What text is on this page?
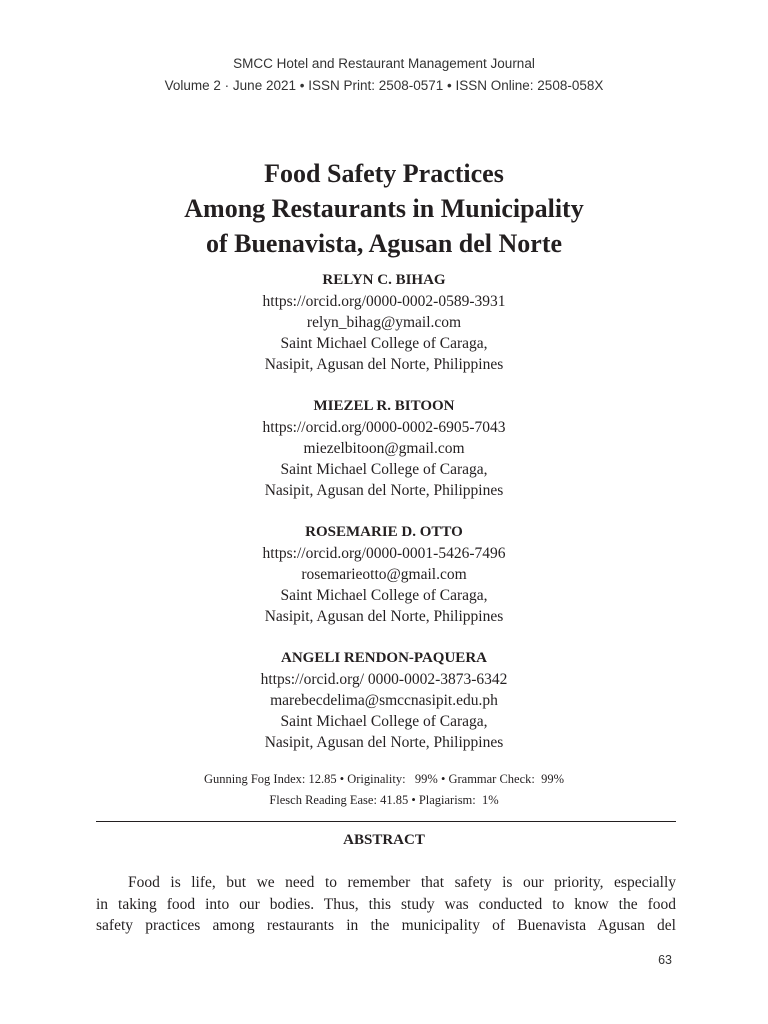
SMCC Hotel and Restaurant Management Journal
Volume 2 · June 2021 • ISSN Print: 2508-0571 • ISSN Online: 2508-058X
Food Safety Practices
Among Restaurants in Municipality
of Buenavista, Agusan del Norte
RELYN C. BIHAG
https://orcid.org/0000-0002-0589-3931
relyn_bihag@ymail.com
Saint Michael College of Caraga,
Nasipit, Agusan del Norte, Philippines
MIEZEL R. BITOON
https://orcid.org/0000-0002-6905-7043
miezelbitoon@gmail.com
Saint Michael College of Caraga,
Nasipit, Agusan del Norte, Philippines
ROSEMARIE D. OTTO
https://orcid.org/0000-0001-5426-7496
rosemarieotto@gmail.com
Saint Michael College of Caraga,
Nasipit, Agusan del Norte, Philippines
ANGELI RENDON-PAQUERA
https://orcid.org/ 0000-0002-3873-6342
marebecdelima@smccnasipit.edu.ph
Saint Michael College of Caraga,
Nasipit, Agusan del Norte, Philippines
Gunning Fog Index: 12.85 • Originality:   99% • Grammar Check:  99%
Flesch Reading Ease: 41.85 • Plagiarism:  1%
ABSTRACT
Food is life, but we need to remember that safety is our priority, especially
in taking food into our bodies. Thus, this study was conducted to know the food
safety practices among restaurants in the municipality of Buenavista Agusan del
63
